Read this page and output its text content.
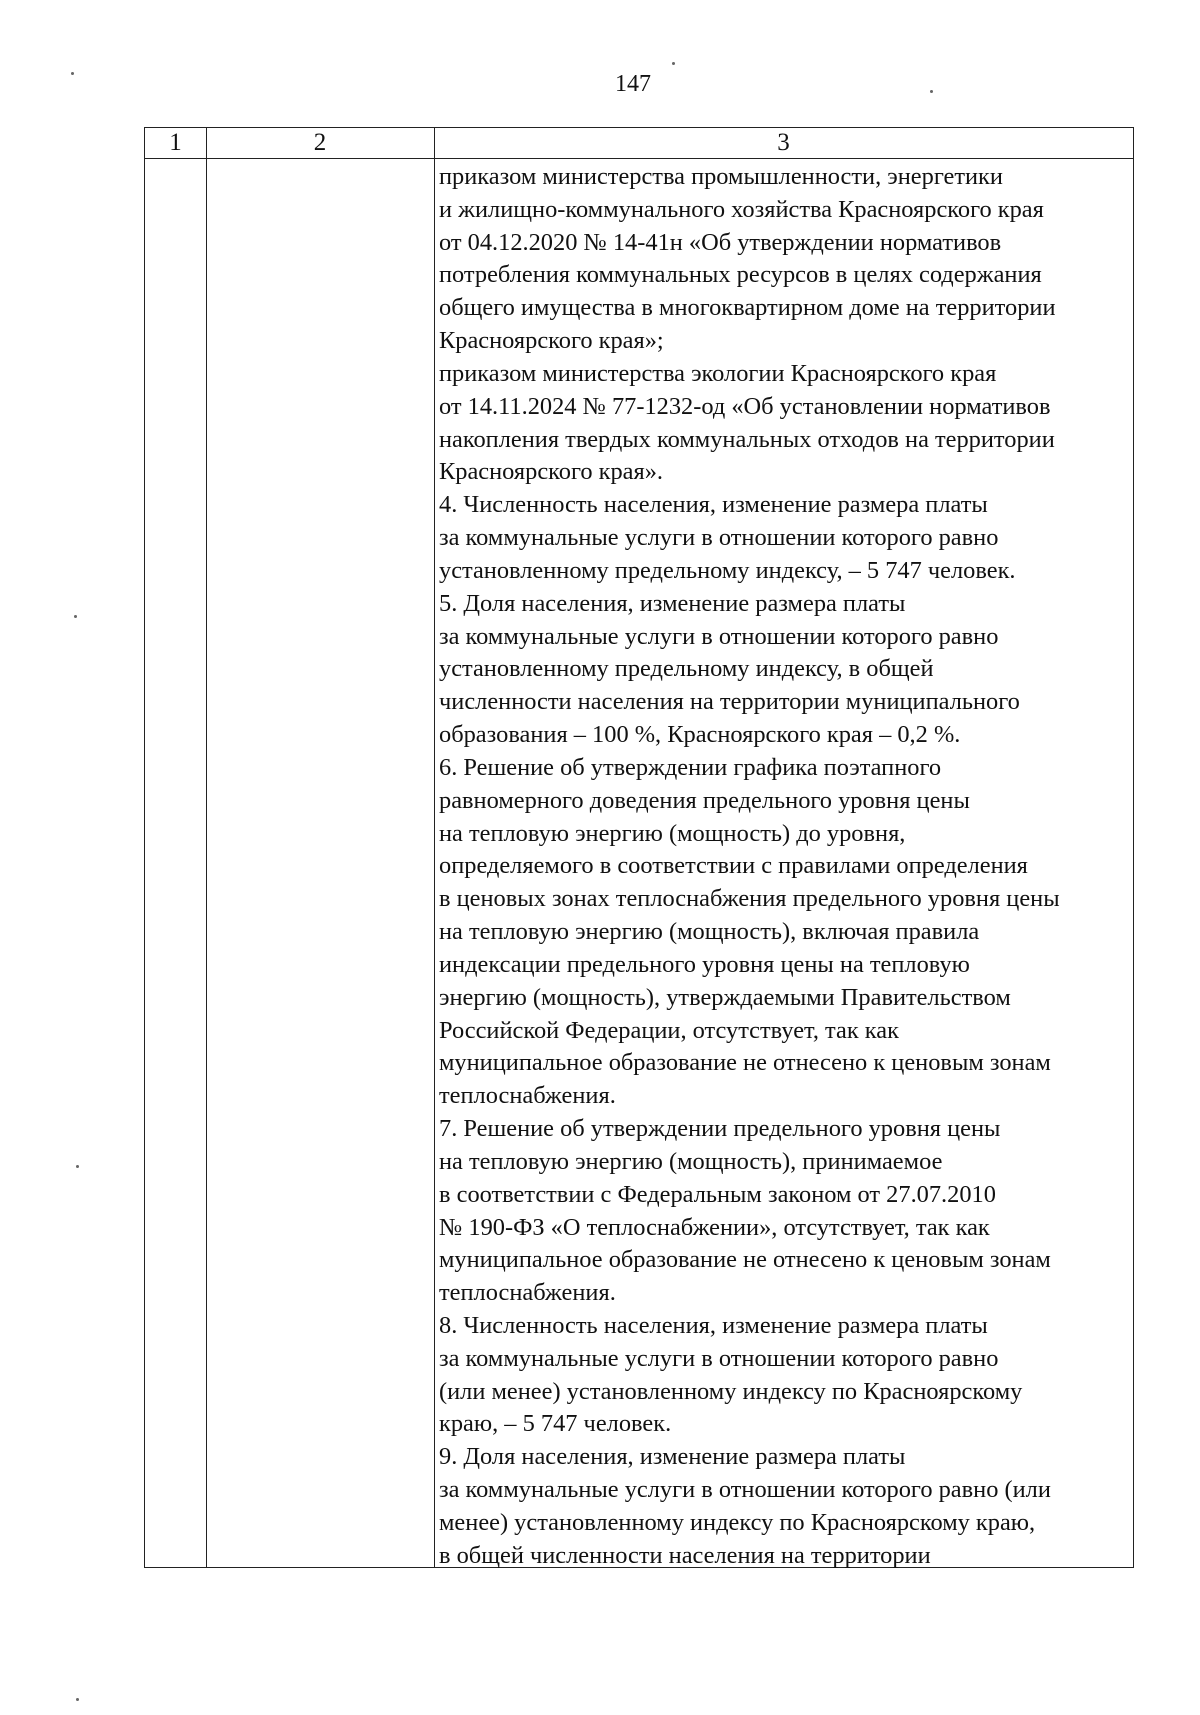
147
1	2	3
приказом министерства промышленности, энергетики
и жилищно-коммунального хозяйства Красноярского края
от 04.12.2020 № 14-41н «Об утверждении нормативов
потребления коммунальных ресурсов в целях содержания
общего имущества в многоквартирном доме на территории
Красноярского края»;
приказом министерства экологии Красноярского края
от 14.11.2024 № 77-1232-од «Об установлении нормативов
накопления твердых коммунальных отходов на территории
Красноярского края».
4. Численность населения, изменение размера платы
за коммунальные услуги в отношении которого равно
установленному предельному индексу, – 5 747 человек.
5. Доля населения, изменение размера платы
за коммунальные услуги в отношении которого равно
установленному предельному индексу, в общей
численности населения на территории муниципального
образования – 100 %, Красноярского края – 0,2 %.
6. Решение об утверждении графика поэтапного
равномерного доведения предельного уровня цены
на тепловую энергию (мощность) до уровня,
определяемого в соответствии с правилами определения
в ценовых зонах теплоснабжения предельного уровня цены
на тепловую энергию (мощность), включая правила
индексации предельного уровня цены на тепловую
энергию (мощность), утверждаемыми Правительством
Российской Федерации, отсутствует, так как
муниципальное образование не отнесено к ценовым зонам
теплоснабжения.
7. Решение об утверждении предельного уровня цены
на тепловую энергию (мощность), принимаемое
в соответствии с Федеральным законом от 27.07.2010
№ 190-ФЗ «О теплоснабжении», отсутствует, так как
муниципальное образование не отнесено к ценовым зонам
теплоснабжения.
8. Численность населения, изменение размера платы
за коммунальные услуги в отношении которого равно
(или менее) установленному индексу по Красноярскому
краю, – 5 747 человек.
9. Доля населения, изменение размера платы
за коммунальные услуги в отношении которого равно (или
менее) установленному индексу по Красноярскому краю,
в общей численности населения на территории
